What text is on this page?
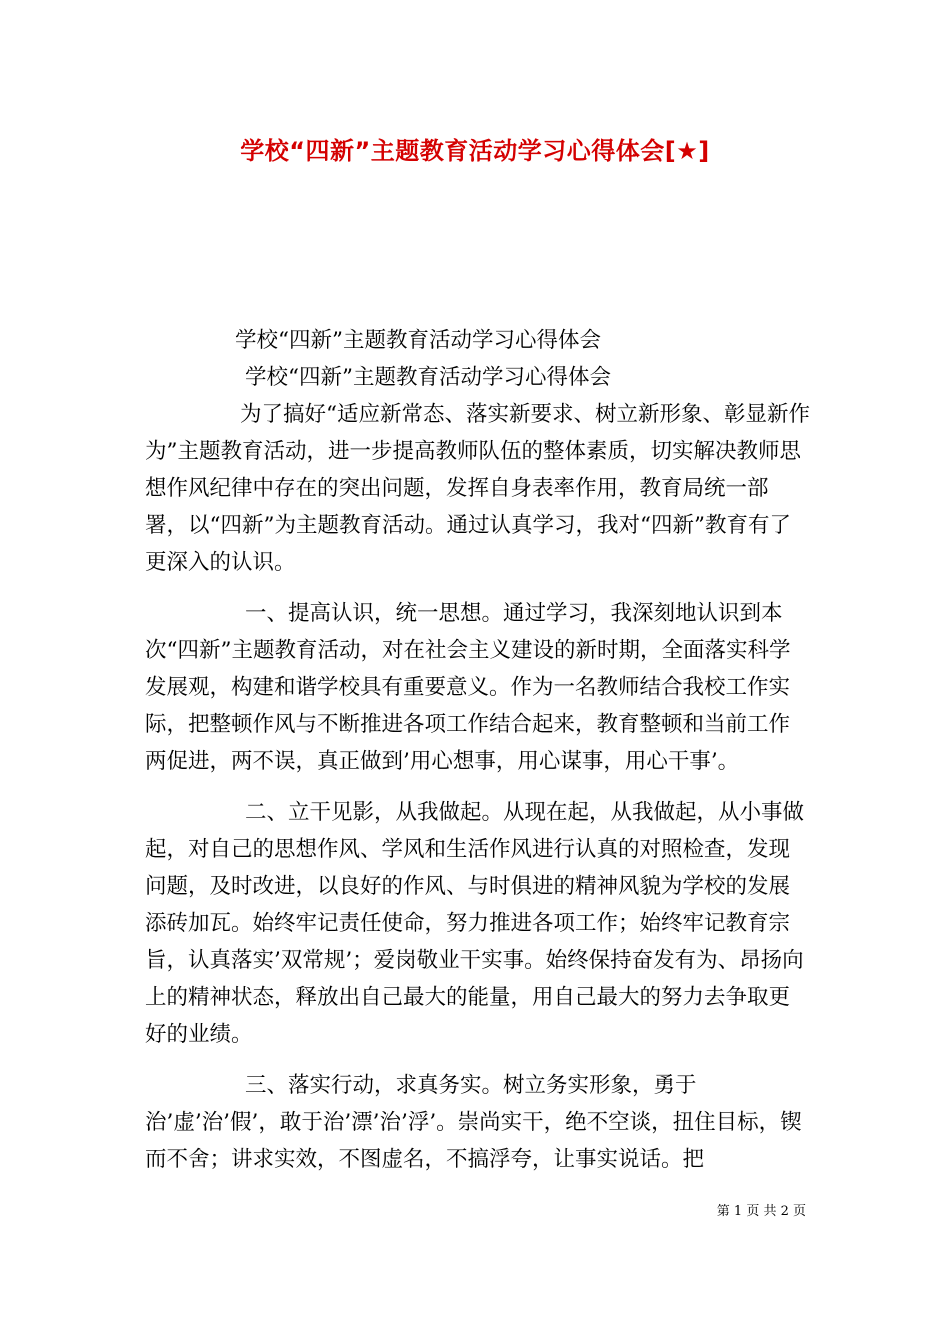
学校“四新”主题教育活动学习心得体会[★]

学校“四新”主题教育活动学习心得体会

学校“四新”主题教育活动学习心得体会

为了搞好“适应新常态、落实新要求、树立新形象、彰显新作为”主题教育活动，进一步提高教师队伍的整体素质，切实解决教师思想作风纪律中存在的突出问题，发挥自身表率作用，教育局统一部署，以“四新”为主题教育活动。通过认真学习，我对“四新”教育有了更深入的认识。

一、提高认识，统一思想。通过学习，我深刻地认识到本次“四新”主题教育活动，对在社会主义建设的新时期，全面落实科学发展观，构建和谐学校具有重要意义。作为一名教师结合我校工作实际，把整顿作风与不断推进各项工作结合起来，教育整顿和当前工作两促进，两不误，真正做到’用心想事，用心谋事，用心干事’。

二、立干见影，从我做起。从现在起，从我做起，从小事做起，对自己的思想作风、学风和生活作风进行认真的对照检查，发现问题，及时改进，以良好的作风、与时俱进的精神风貌为学校的发展添砖加瓦。始终牢记责任使命，努力推进各项工作；始终牢记教育宗旨，认真落实’双常规’；爱岗敬业干实事。始终保持奋发有为、昂扬向上的精神状态，释放出自己最大的能量，用自己最大的努力去争取更好的业绩。

三、落实行动，求真务实。树立务实形象，勇于治’虚’治’假’，敢于治’漂’治’浮’。崇尚实干，绝不空谈，扭住目标，锲而不舍；讲求实效，不图虚名，不搞浮夸，让事实说话。把

第 1 页 共 2 页
